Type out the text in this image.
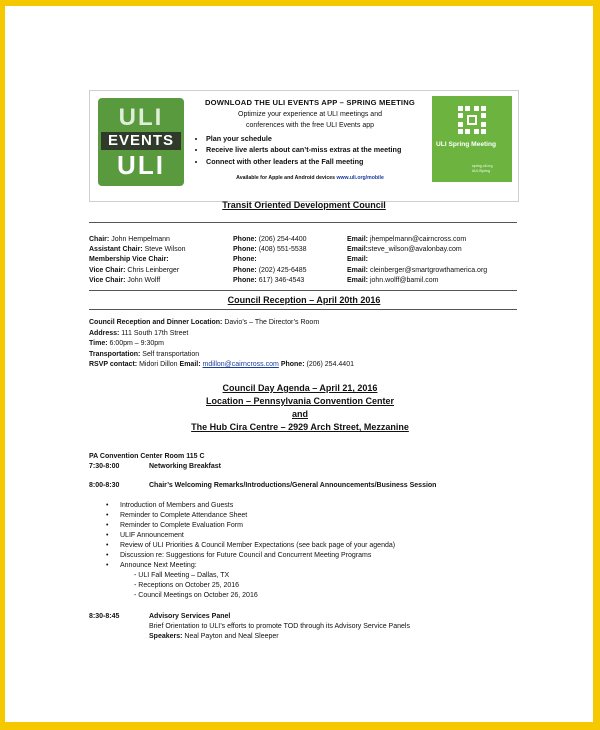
ULI
EVENTS
ULI
DOWNLOAD THE ULI EVENTS APP – SPRING MEETING
Optimize your experience at ULI meetings and
conferences with the free ULI Events app
• Plan your schedule
• Receive live alerts about can’t-miss extras at the meeting
• Connect with other leaders at the Fall meeting
Available for Apple and Android devices www.uli.org/mobile
ULI Spring Meeting
spring.uli.org
#ULISpring
Transit Oriented Development Council
Chair: John Hempelmann	Phone: (206) 254-4400	Email: jhempelmann@cairncross.com
Assistant Chair: Steve Wilson	Phone: (408) 551-5538	Email:steve_wilson@avalonbay.com
Membership Vice Chair:	Phone:	Email:
Vice Chair: Chris Leinberger	Phone: (202) 425-6485	Email: cleinberger@smartgrowthamerica.org
Vice Chair: John Wolff	Phone: 617) 346-4543	Email: john.wolff@bamil.com
Council Reception – April 20th 2016
Council Reception and Dinner Location: Davio’s – The Director’s Room
Address: 111 South 17th Street
Time: 6:00pm – 9:30pm
Transportation: Self transportation
RSVP contact: Midori Dillon Email: mdillon@cairncross.com Phone: (206) 254.4401
Council Day Agenda – April 21, 2016
Location – Pennsylvania Convention Center
and
The Hub Cira Centre – 2929 Arch Street, Mezzanine
PA Convention Center Room 115 C
7:30-8:00	Networking Breakfast
8:00-8:30	Chair’s Welcoming Remarks/Introductions/General Announcements/Business Session
• Introduction of Members and Guests
• Reminder to Complete Attendance Sheet
• Reminder to Complete Evaluation Form
• ULIF Announcement
• Review of ULI Priorities & Council Member Expectations (see back page of your agenda)
• Discussion re: Suggestions for Future Council and Concurrent Meeting Programs
• Announce Next Meeting:
- ULI Fall Meeting – Dallas, TX
- Receptions on October 25, 2016
- Council Meetings on October 26, 2016
8:30-8:45	Advisory Services Panel
Brief Orientation to ULI’s efforts to promote TOD through its Advisory Service Panels
Speakers: Neal Payton and Neal Sleeper
